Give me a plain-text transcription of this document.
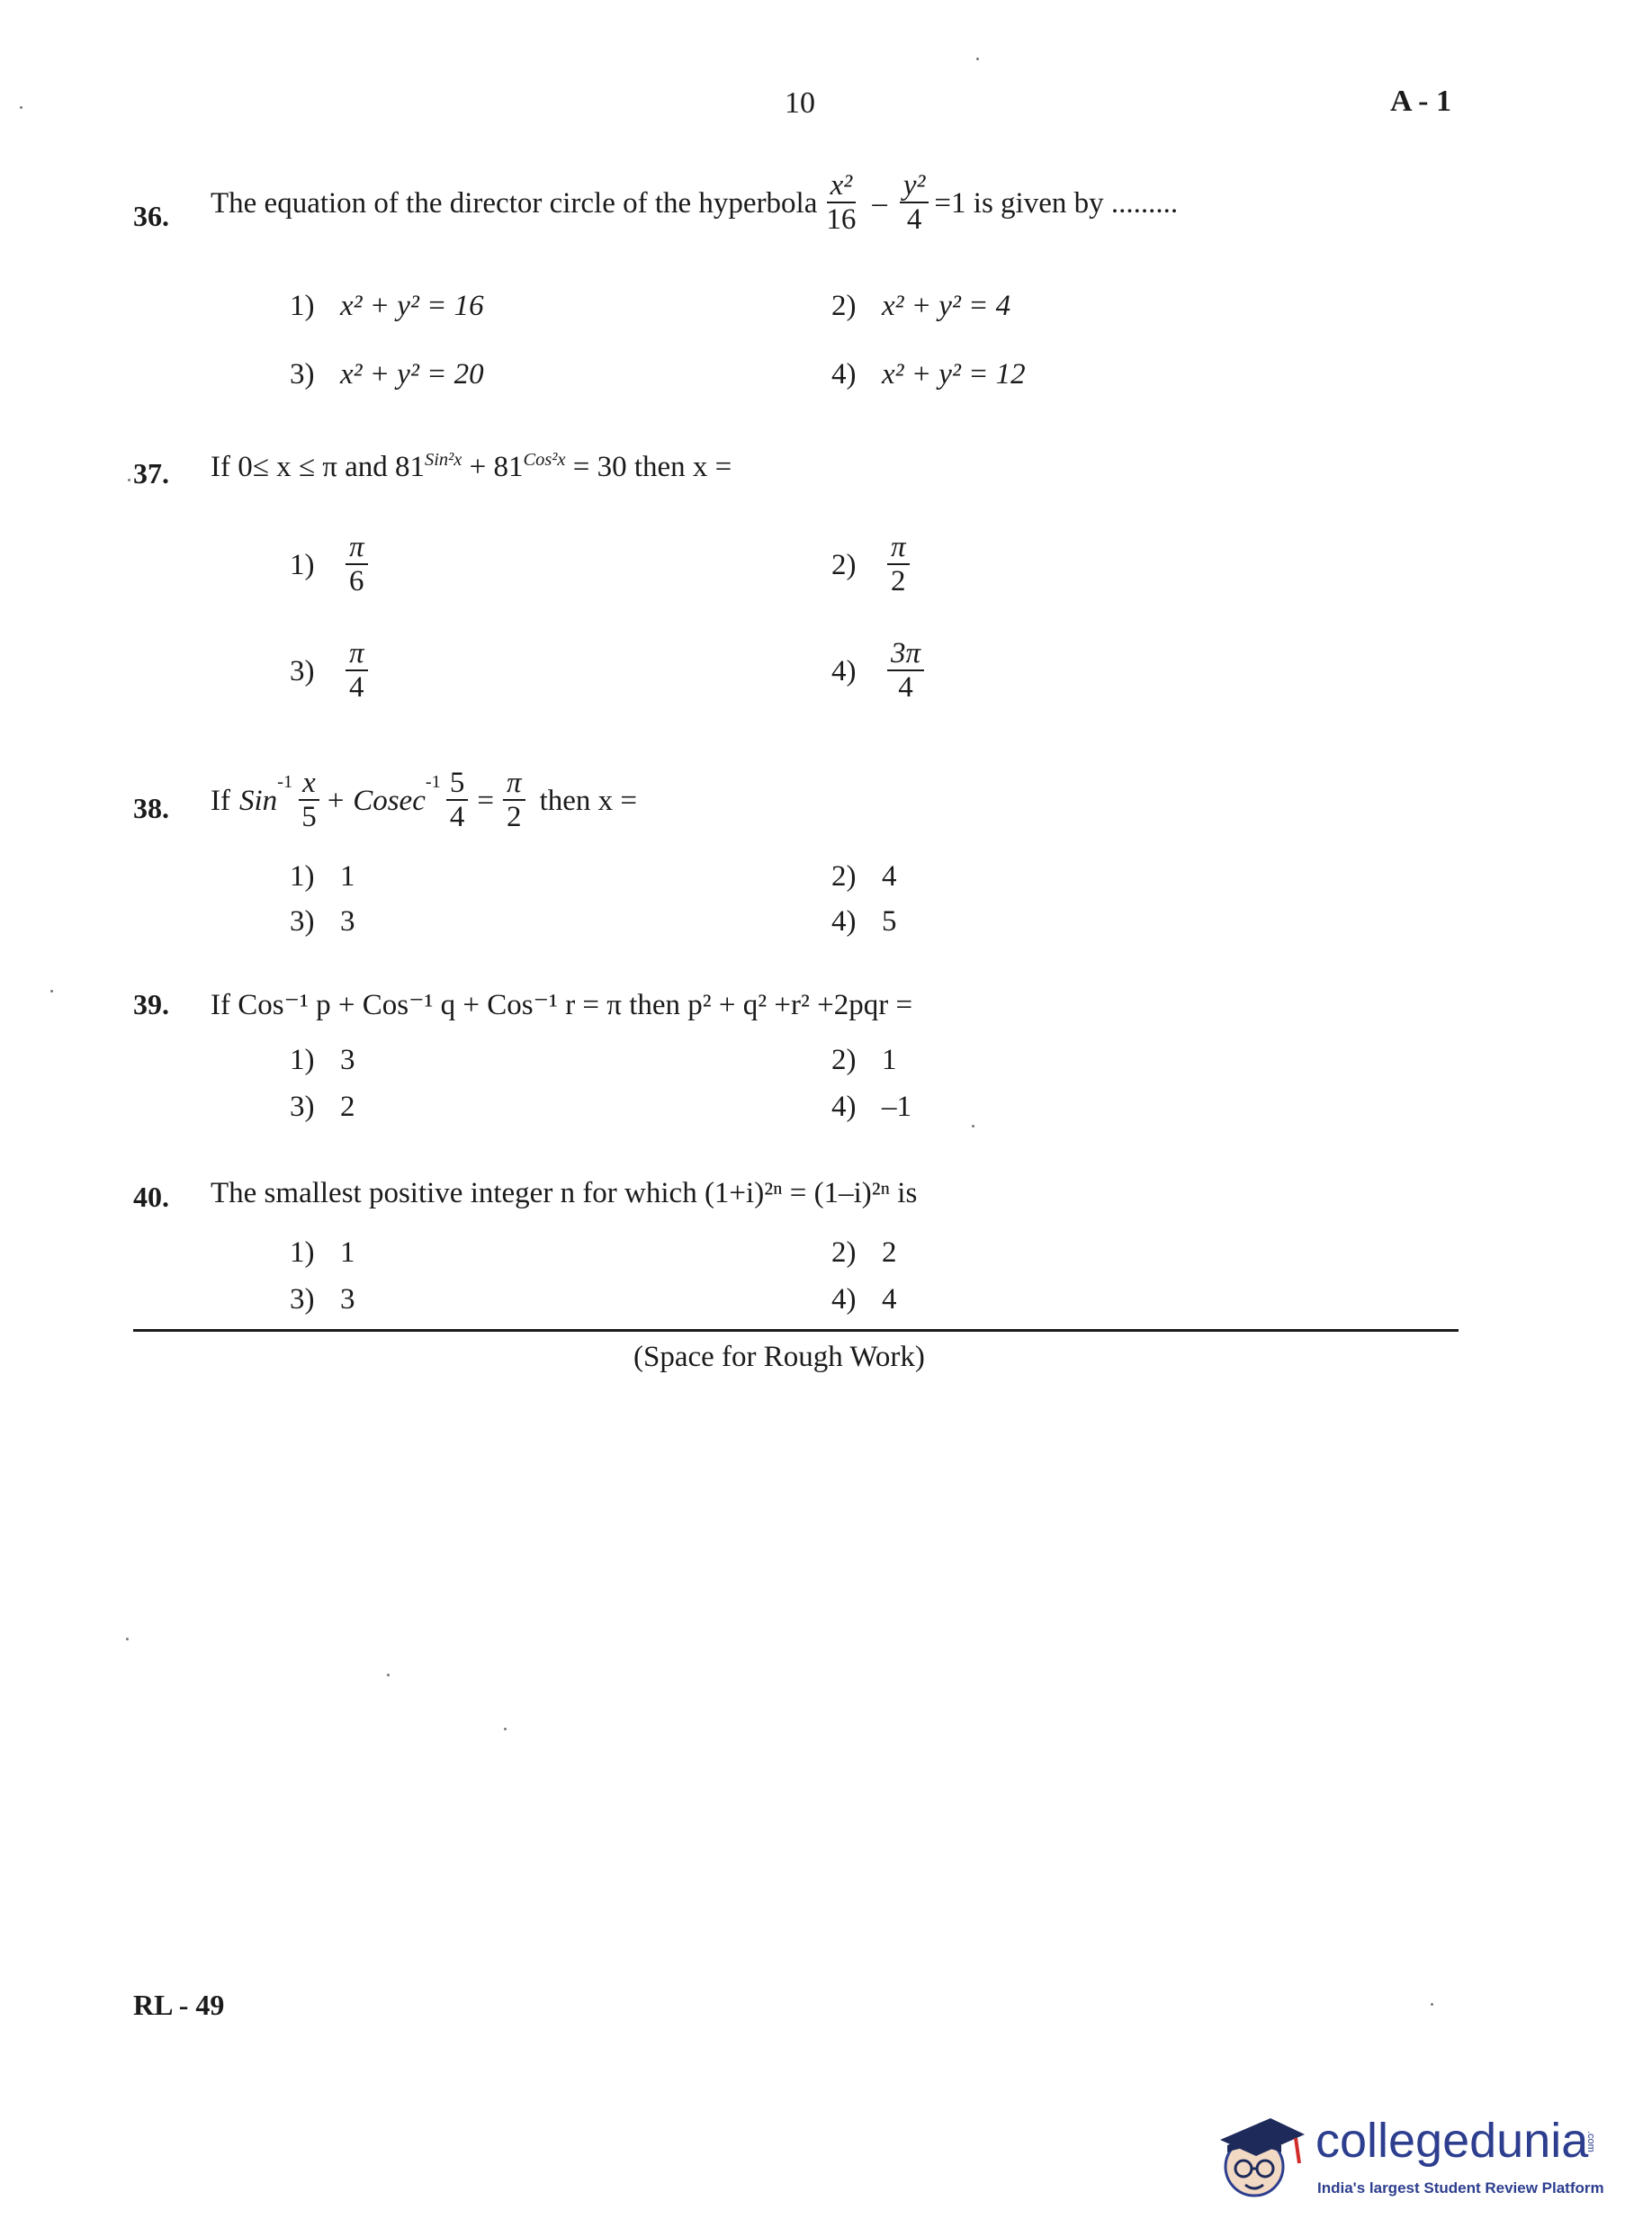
10	A - 1
36. The equation of the director circle of the hyperbola $\frac{\text{x²}}{16} - \frac{\text{y²}}{4} =1$ is given by .........
1) x² + y² = 16	2) x² + y² = 4
3) x² + y² = 20	4) x² + y² = 12
37. If 0≤ x ≤ π and $81^{Sin^2x} + 81^{Cos^2x} = 30$ then x =
1)	$\frac{\pi}{6}$	2)	$\frac{\pi}{2}$
3)	$\frac{\pi}{4}$	4)	$\frac{3\pi}{4}$
38. If Sin
$^{-1} \frac{x}{5} + Cosec$
$^{-1} \frac{5}{4} = \frac{\pi}{2}$ then x =
1) 1	2) 4
3) 3	4) 5
39. If Cos⁻¹ p + Cos⁻¹ q + Cos⁻¹ r = π then p² + q² +r² +2pqr =
1) 3	2) 1
3) 2	4) –1
40. The smallest positive integer n for which (1+i)²ⁿ = (1–i)²ⁿ is
1) 1	2) 2
3) 3	4) 4
(Space for Rough Work)
RL - 49
collegedunia
.com
India's largest Student Review Platform
